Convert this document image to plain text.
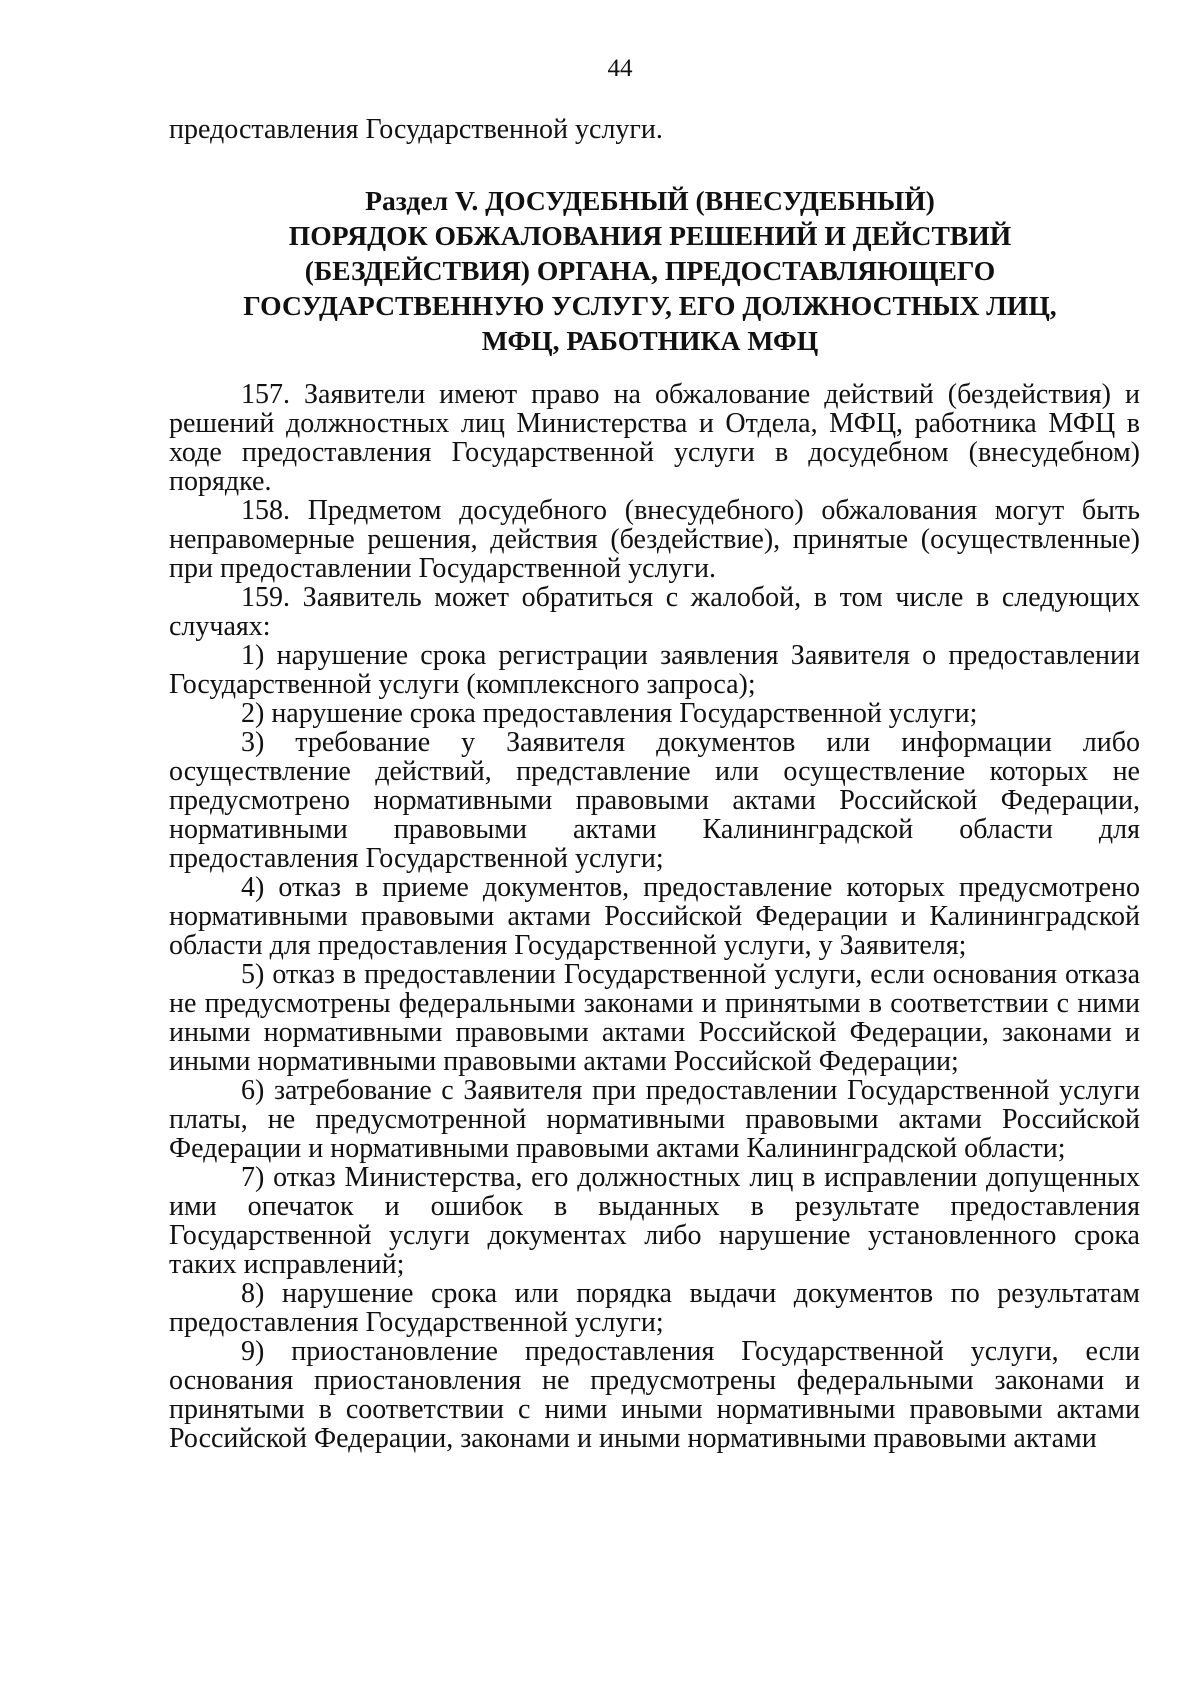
44
предоставления Государственной услуги.
Раздел V. ДОСУДЕБНЫЙ (ВНЕСУДЕБНЫЙ)
ПОРЯДОК ОБЖАЛОВАНИЯ РЕШЕНИЙ И ДЕЙСТВИЙ
(БЕЗДЕЙСТВИЯ) ОРГАНА, ПРЕДОСТАВЛЯЮЩЕГО
ГОСУДАРСТВЕННУЮ УСЛУГУ, ЕГО ДОЛЖНОСТНЫХ ЛИЦ,
МФЦ, РАБОТНИКА МФЦ

157. Заявители имеют право на обжалование действий (бездействия) и решений должностных лиц Министерства и Отдела, МФЦ, работника МФЦ в ходе предоставления Государственной услуги в досудебном (внесудебном) порядке.

158. Предметом досудебного (внесудебного) обжалования могут быть неправомерные решения, действия (бездействие), принятые (осуществленные) при предоставлении Государственной услуги.

159. Заявитель может обратиться с жалобой, в том числе в следующих случаях:

1) нарушение срока регистрации заявления Заявителя о предоставлении Государственной услуги (комплексного запроса);

2) нарушение срока предоставления Государственной услуги;

3) требование у Заявителя документов или информации либо осуществление действий, представление или осуществление которых не предусмотрено нормативными правовыми актами Российской Федерации, нормативными правовыми актами Калининградской области для предоставления Государственной услуги;

4) отказ в приеме документов, предоставление которых предусмотрено нормативными правовыми актами Российской Федерации и Калининградской области для предоставления Государственной услуги, у Заявителя;

5) отказ в предоставлении Государственной услуги, если основания отказа не предусмотрены федеральными законами и принятыми в соответствии с ними иными нормативными правовыми актами Российской Федерации, законами и иными нормативными правовыми актами Российской Федерации;

6) затребование с Заявителя при предоставлении Государственной услуги платы, не предусмотренной нормативными правовыми актами Российской Федерации и нормативными правовыми актами Калининградской области;

7) отказ Министерства, его должностных лиц в исправлении допущенных ими опечаток и ошибок в выданных в результате предоставления Государственной услуги документах либо нарушение установленного срока таких исправлений;

8) нарушение срока или порядка выдачи документов по результатам предоставления Государственной услуги;

9) приостановление предоставления Государственной услуги, если основания приостановления не предусмотрены федеральными законами и принятыми в соответствии с ними иными нормативными правовыми актами Российской Федерации, законами и иными нормативными правовыми актами
